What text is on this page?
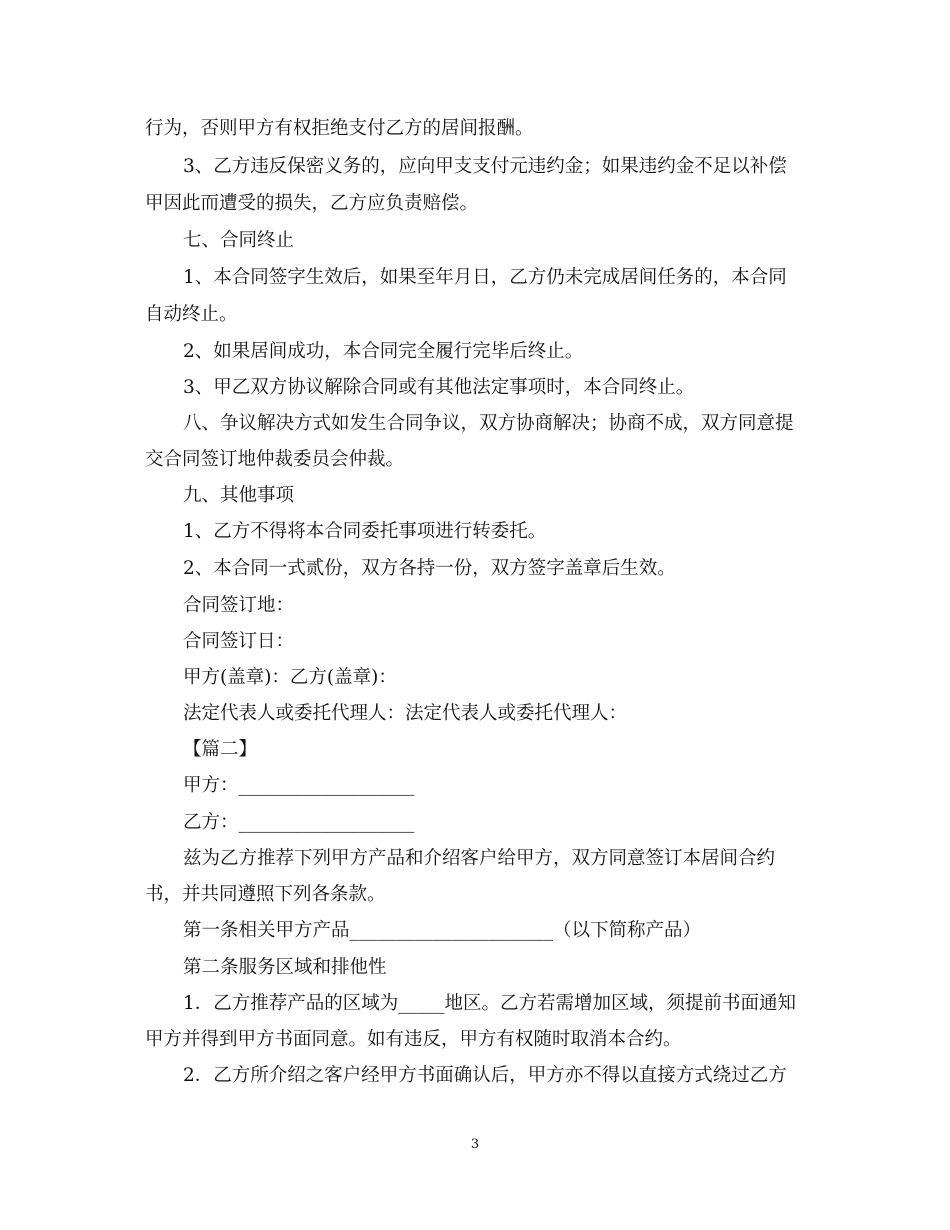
行为，否则甲方有权拒绝支付乙方的居间报酬。
3、乙方违反保密义务的，应向甲支支付元违约金；如果违约金不足以补偿
甲因此而遭受的损失，乙方应负责赔偿。
七、合同终止
1、本合同签字生效后，如果至年月日，乙方仍未完成居间任务的，本合同
自动终止。
2、如果居间成功，本合同完全履行完毕后终止。
3、甲乙双方协议解除合同或有其他法定事项时，本合同终止。
八、争议解决方式如发生合同争议，双方协商解决；协商不成，双方同意提
交合同签订地仲裁委员会仲裁。
九、其他事项
1、乙方不得将本合同委托事项进行转委托。
2、本合同一式贰份，双方各持一份，双方签字盖章后生效。
合同签订地：
合同签订日：
甲方(盖章)：乙方(盖章)：
法定代表人或委托代理人：法定代表人或委托代理人：
【篇二】
甲方：___________________
乙方：___________________
兹为乙方推荐下列甲方产品和介绍客户给甲方，双方同意签订本居间合约
书，并共同遵照下列各条款。
第一条相关甲方产品______________________（以下简称产品）
第二条服务区域和排他性
1．乙方推荐产品的区域为_____地区。乙方若需增加区域，须提前书面通知
甲方并得到甲方书面同意。如有违反，甲方有权随时取消本合约。
2．乙方所介绍之客户经甲方书面确认后，甲方亦不得以直接方式绕过乙方
3
